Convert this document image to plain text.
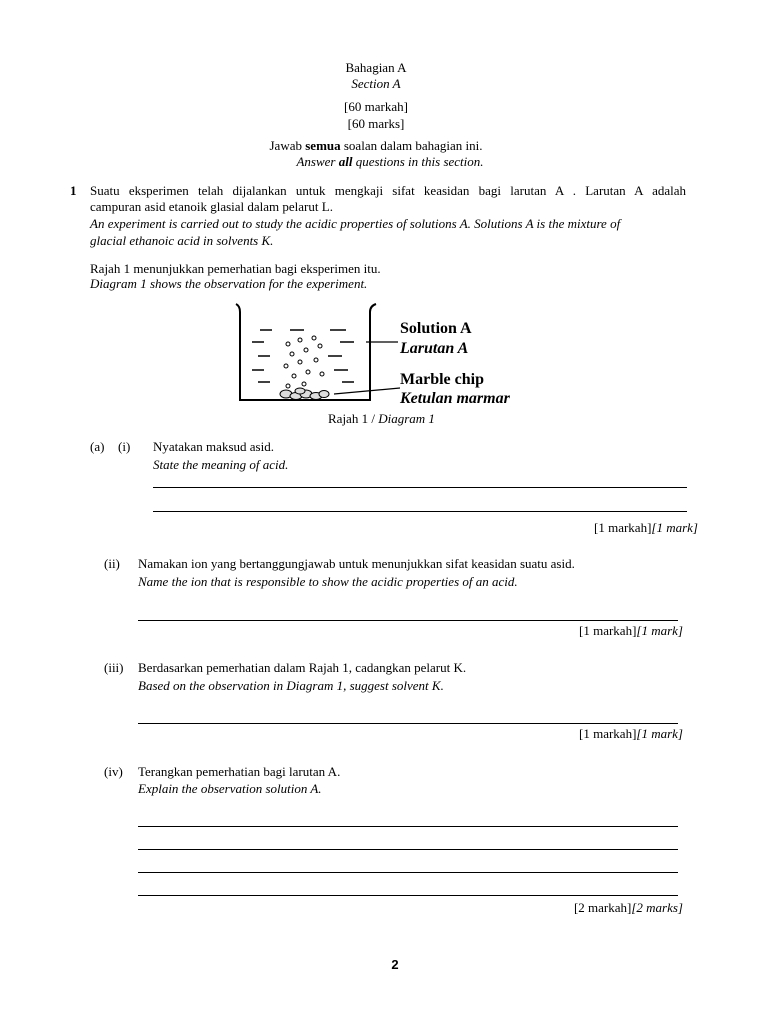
Bahagian A
Section A
[60 markah]
[60 marks]
Jawab semua soalan dalam bahagian ini.
Answer all questions in this section.
1 Suatu eksperimen telah dijalankan untuk mengkaji sifat keasidan bagi larutan A . Larutan A adalah
campuran asid etanoik glasial dalam pelarut L.
An experiment is carried out to study the acidic properties of solutions A. Solutions A is the mixture of
glacial ethanoic acid in solvents K.
Rajah 1 menunjukkan pemerhatian bagi eksperimen itu.
Diagram 1 shows the observation for the experiment.
Solution A
Larutan A
Marble chip
Ketulan marmar
Rajah 1 / Diagram 1
(a) (i) Nyatakan maksud asid.
State the meaning of acid.
[1 markah][1 mark]
(ii) Namakan ion yang bertanggungjawab untuk menunjukkan sifat keasidan suatu asid.
Name the ion that is responsible to show the acidic properties of an acid.
[1 markah][1 mark]
(iii) Berdasarkan pemerhatian dalam Rajah 1, cadangkan pelarut K.
Based on the observation in Diagram 1, suggest solvent K.
[1 markah][1 mark]
(iv) Terangkan pemerhatian bagi larutan A.
Explain the observation solution A.
[2 markah][2 marks]
2
